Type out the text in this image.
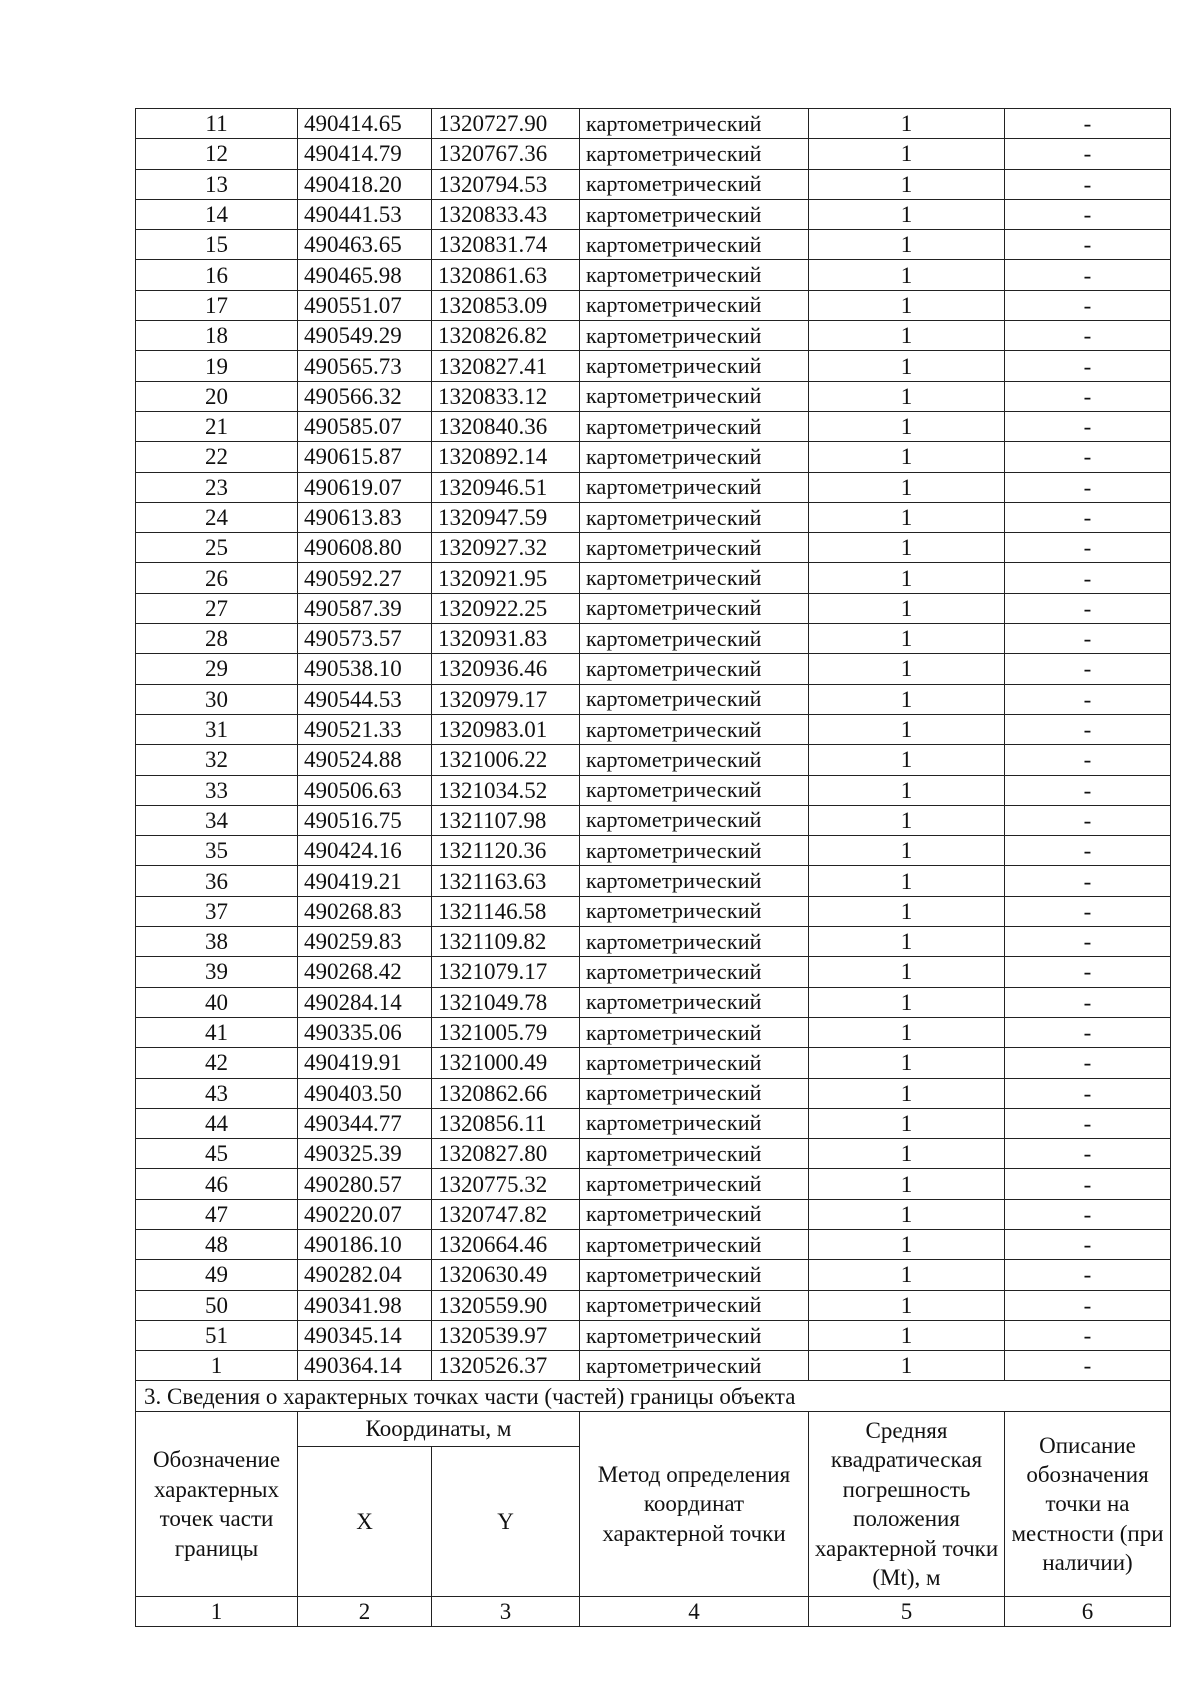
11	490414.65	1320727.90	картометрический	1	-
12	490414.79	1320767.36	картометрический	1	-
13	490418.20	1320794.53	картометрический	1	-
14	490441.53	1320833.43	картометрический	1	-
15	490463.65	1320831.74	картометрический	1	-
16	490465.98	1320861.63	картометрический	1	-
17	490551.07	1320853.09	картометрический	1	-
18	490549.29	1320826.82	картометрический	1	-
19	490565.73	1320827.41	картометрический	1	-
20	490566.32	1320833.12	картометрический	1	-
21	490585.07	1320840.36	картометрический	1	-
22	490615.87	1320892.14	картометрический	1	-
23	490619.07	1320946.51	картометрический	1	-
24	490613.83	1320947.59	картометрический	1	-
25	490608.80	1320927.32	картометрический	1	-
26	490592.27	1320921.95	картометрический	1	-
27	490587.39	1320922.25	картометрический	1	-
28	490573.57	1320931.83	картометрический	1	-
29	490538.10	1320936.46	картометрический	1	-
30	490544.53	1320979.17	картометрический	1	-
31	490521.33	1320983.01	картометрический	1	-
32	490524.88	1321006.22	картометрический	1	-
33	490506.63	1321034.52	картометрический	1	-
34	490516.75	1321107.98	картометрический	1	-
35	490424.16	1321120.36	картометрический	1	-
36	490419.21	1321163.63	картометрический	1	-
37	490268.83	1321146.58	картометрический	1	-
38	490259.83	1321109.82	картометрический	1	-
39	490268.42	1321079.17	картометрический	1	-
40	490284.14	1321049.78	картометрический	1	-
41	490335.06	1321005.79	картометрический	1	-
42	490419.91	1321000.49	картометрический	1	-
43	490403.50	1320862.66	картометрический	1	-
44	490344.77	1320856.11	картометрический	1	-
45	490325.39	1320827.80	картометрический	1	-
46	490280.57	1320775.32	картометрический	1	-
47	490220.07	1320747.82	картометрический	1	-
48	490186.10	1320664.46	картометрический	1	-
49	490282.04	1320630.49	картометрический	1	-
50	490341.98	1320559.90	картометрический	1	-
51	490345.14	1320539.97	картометрический	1	-
1	490364.14	1320526.37	картометрический	1	-
3. Сведения о характерных точках части (частей) границы объекта					
Обозначение характерных точек части границы	Координаты, м		Метод определения координат характерной точки	Средняя квадратическая погрешность положения характерной точки (Mt), м	Описание обозначения точки на местности (при наличии)
	X	Y			
1	2	3	4	5	6
